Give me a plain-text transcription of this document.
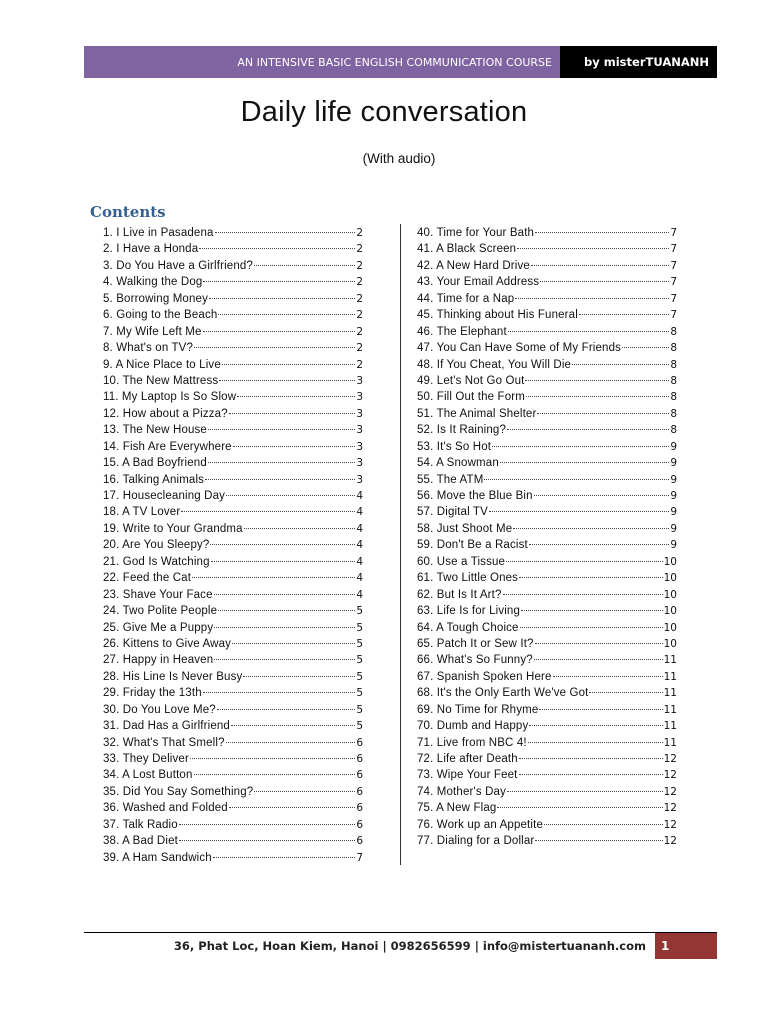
AN INTENSIVE BASIC ENGLISH COMMUNICATION COURSE	by misterTUANANH
Daily life conversation
(With audio)
Contents
1. I Live in Pasadena	2
2. I Have a Honda	2
3. Do You Have a Girlfriend?	2
4. Walking the Dog	2
5. Borrowing Money	2
6. Going to the Beach	2
7. My Wife Left Me	2
8. What's on TV?	2
9. A Nice Place to Live	2
10. The New Mattress	3
11. My Laptop Is So Slow	3
12. How about a Pizza?	3
13. The New House	3
14. Fish Are Everywhere	3
15. A Bad Boyfriend	3
16. Talking Animals	3
17. Housecleaning Day	4
18. A TV Lover	4
19. Write to Your Grandma	4
20. Are You Sleepy?	4
21. God Is Watching	4
22. Feed the Cat	4
23. Shave Your Face	4
24. Two Polite People	5
25. Give Me a Puppy	5
26. Kittens to Give Away	5
27. Happy in Heaven	5
28. His Line Is Never Busy	5
29. Friday the 13th	5
30. Do You Love Me?	5
31. Dad Has a Girlfriend	5
32. What's That Smell?	6
33. They Deliver	6
34. A Lost Button	6
35. Did You Say Something?	6
36. Washed and Folded	6
37. Talk Radio	6
38. A Bad Diet	6
39. A Ham Sandwich	7
40. Time for Your Bath	7
41. A Black Screen	7
42. A New Hard Drive	7
43. Your Email Address	7
44. Time for a Nap	7
45. Thinking about His Funeral	7
46. The Elephant	8
47. You Can Have Some of My Friends	8
48. If You Cheat, You Will Die	8
49. Let's Not Go Out	8
50. Fill Out the Form	8
51. The Animal Shelter	8
52. Is It Raining?	8
53. It's So Hot	9
54. A Snowman	9
55. The ATM	9
56. Move the Blue Bin	9
57. Digital TV	9
58. Just Shoot Me	9
59. Don't Be a Racist	9
60. Use a Tissue	10
61. Two Little Ones	10
62. But Is It Art?	10
63. Life Is for Living	10
64. A Tough Choice	10
65. Patch It or Sew It?	10
66. What's So Funny?	11
67. Spanish Spoken Here	11
68. It's the Only Earth We've Got	11
69. No Time for Rhyme	11
70. Dumb and Happy	11
71. Live from NBC 4!	11
72. Life after Death	12
73. Wipe Your Feet	12
74. Mother's Day	12
75. A New Flag	12
76. Work up an Appetite	12
77. Dialing for a Dollar	12
36, Phat Loc, Hoan Kiem, Hanoi | 0982656599 | info@mistertuananh.com	1
